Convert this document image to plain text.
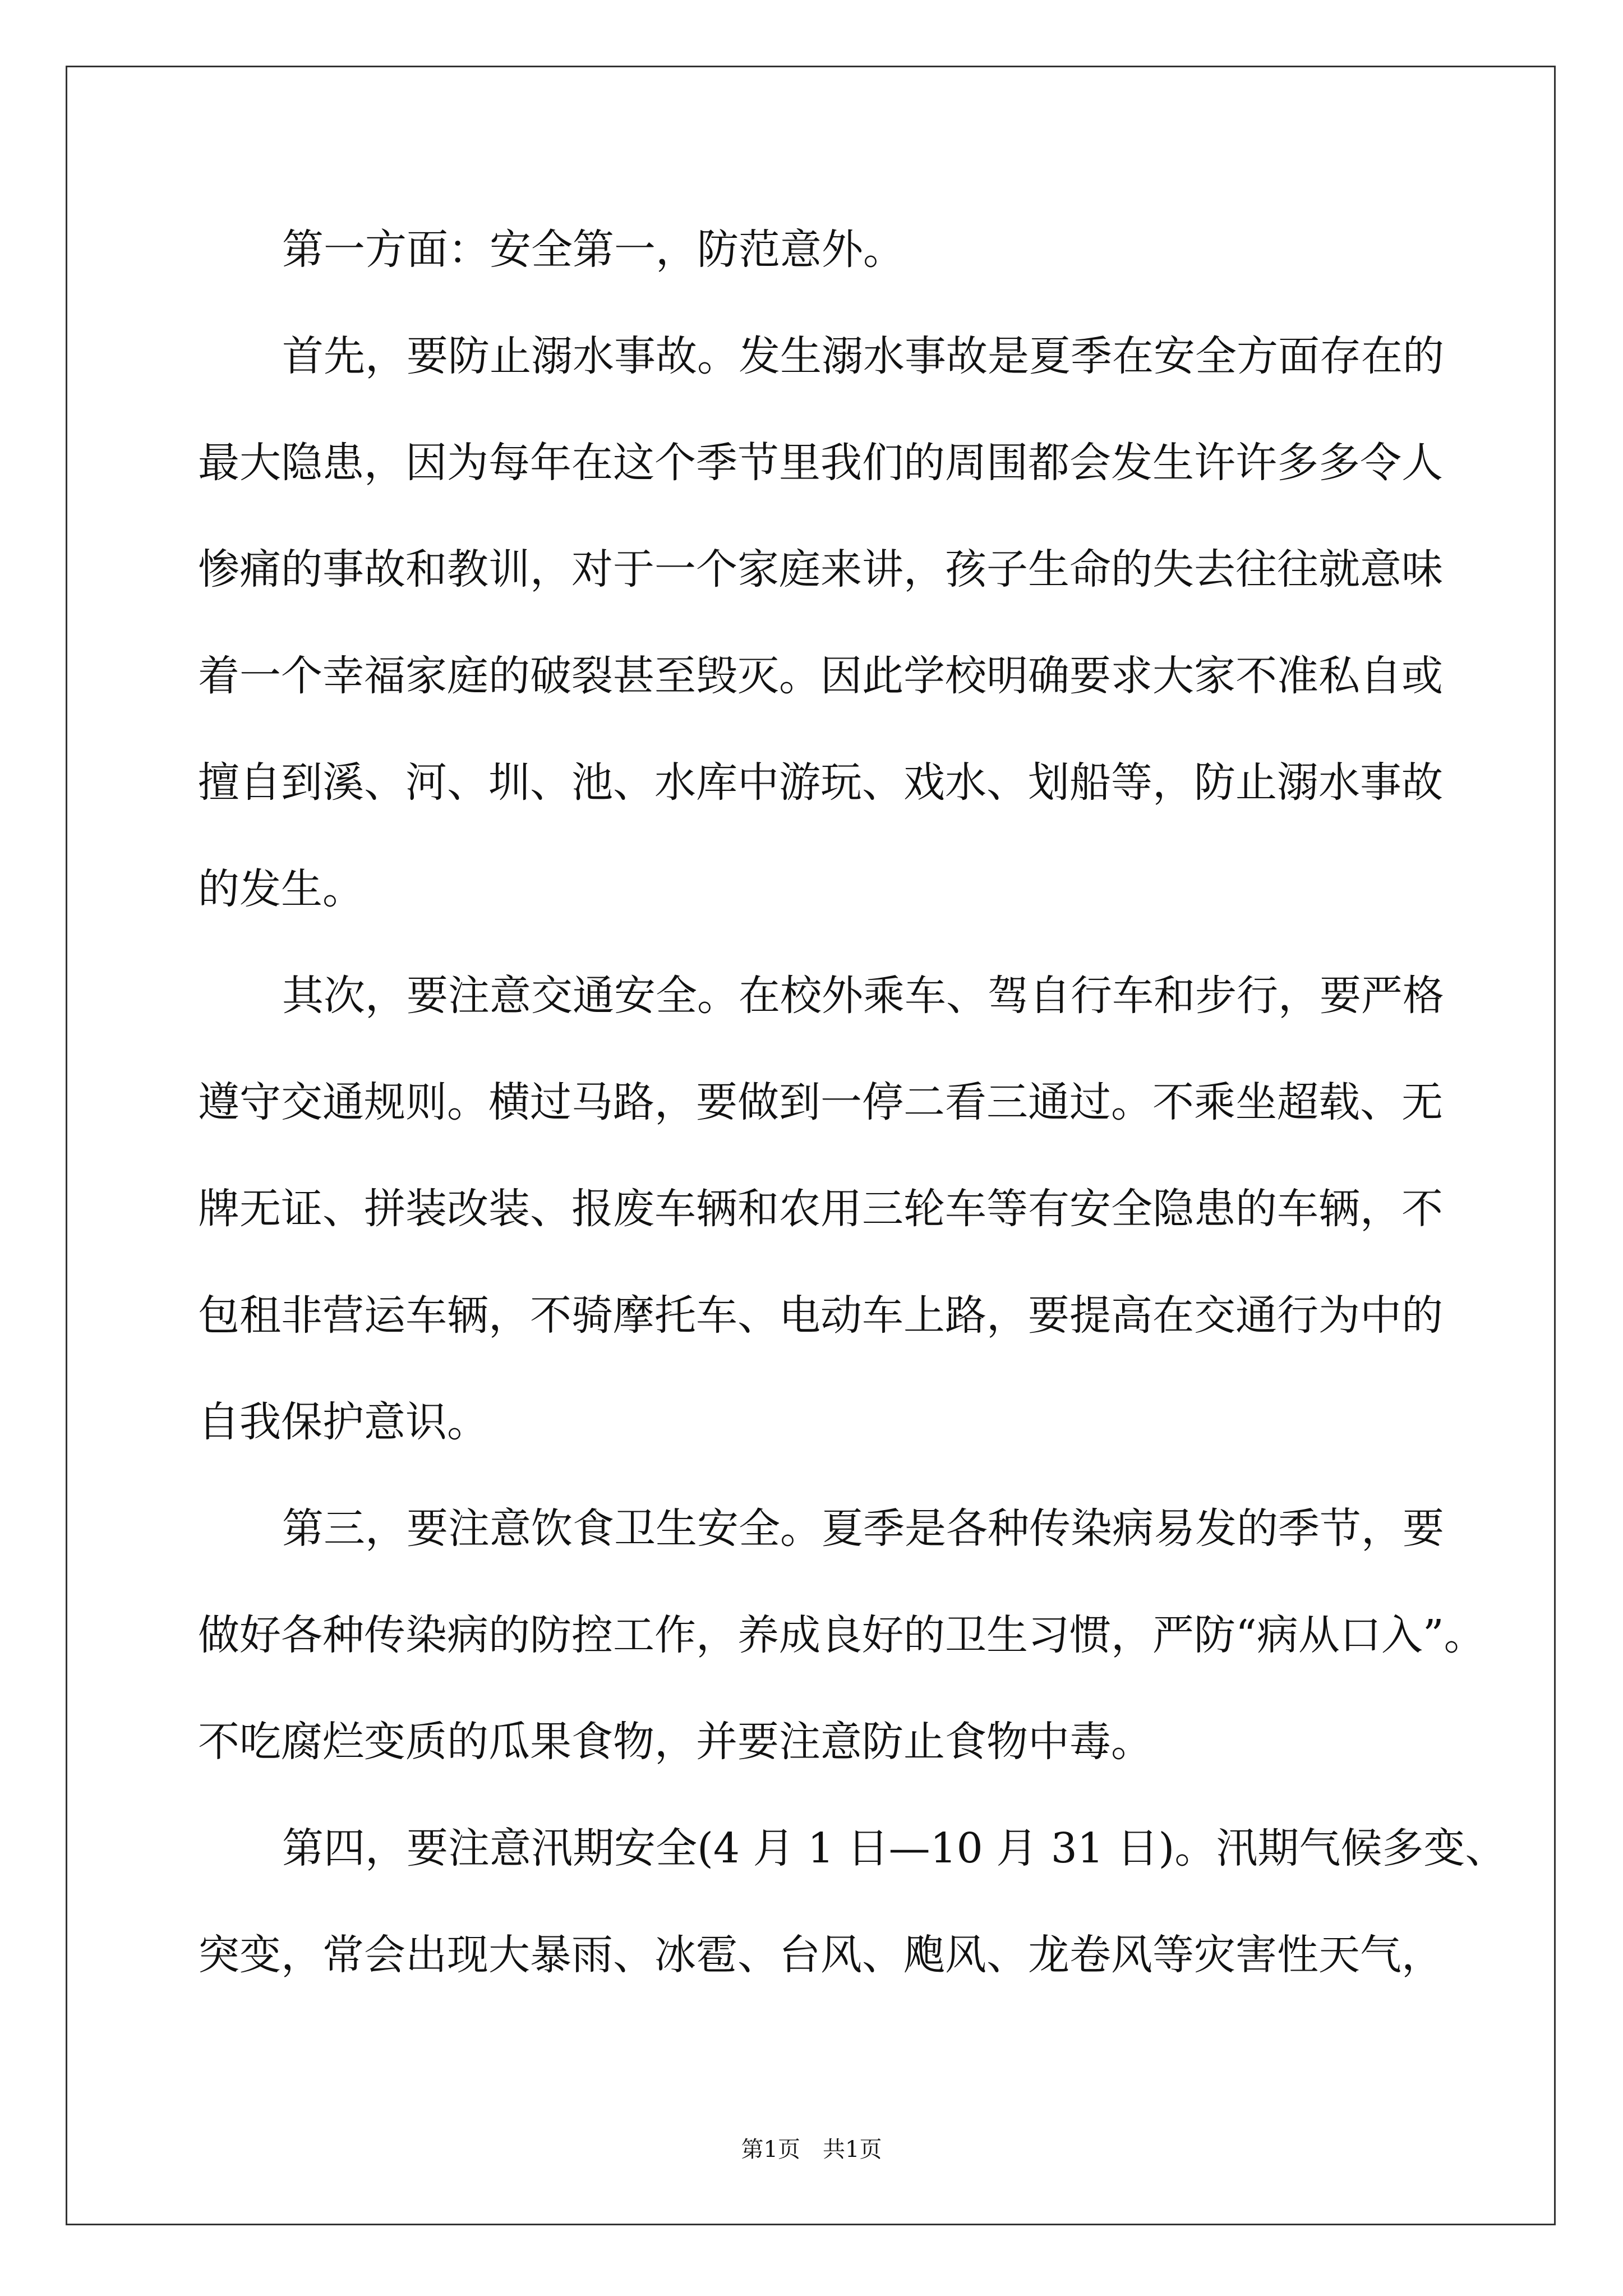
第一方面：安全第一，防范意外。
首先，要防止溺水事故。发生溺水事故是夏季在安全方面存在的
最大隐患，因为每年在这个季节里我们的周围都会发生许许多多令人
惨痛的事故和教训，对于一个家庭来讲，孩子生命的失去往往就意味
着一个幸福家庭的破裂甚至毁灭。因此学校明确要求大家不准私自或
擅自到溪、河、圳、池、水库中游玩、戏水、划船等，防止溺水事故
的发生。
其次，要注意交通安全。在校外乘车、驾自行车和步行，要严格
遵守交通规则。横过马路，要做到一停二看三通过。不乘坐超载、无
牌无证、拼装改装、报废车辆和农用三轮车等有安全隐患的车辆，不
包租非营运车辆，不骑摩托车、电动车上路，要提高在交通行为中的
自我保护意识。
第三，要注意饮食卫生安全。夏季是各种传染病易发的季节，要
做好各种传染病的防控工作，养成良好的卫生习惯，严防“病从口入”。
不吃腐烂变质的瓜果食物，并要注意防止食物中毒。
第四，要注意汛期安全(4 月 1 日—10 月 31 日)。汛期气候多变、
突变，常会出现大暴雨、冰雹、台风、飑风、龙卷风等灾害性天气，
第1页　共1页
